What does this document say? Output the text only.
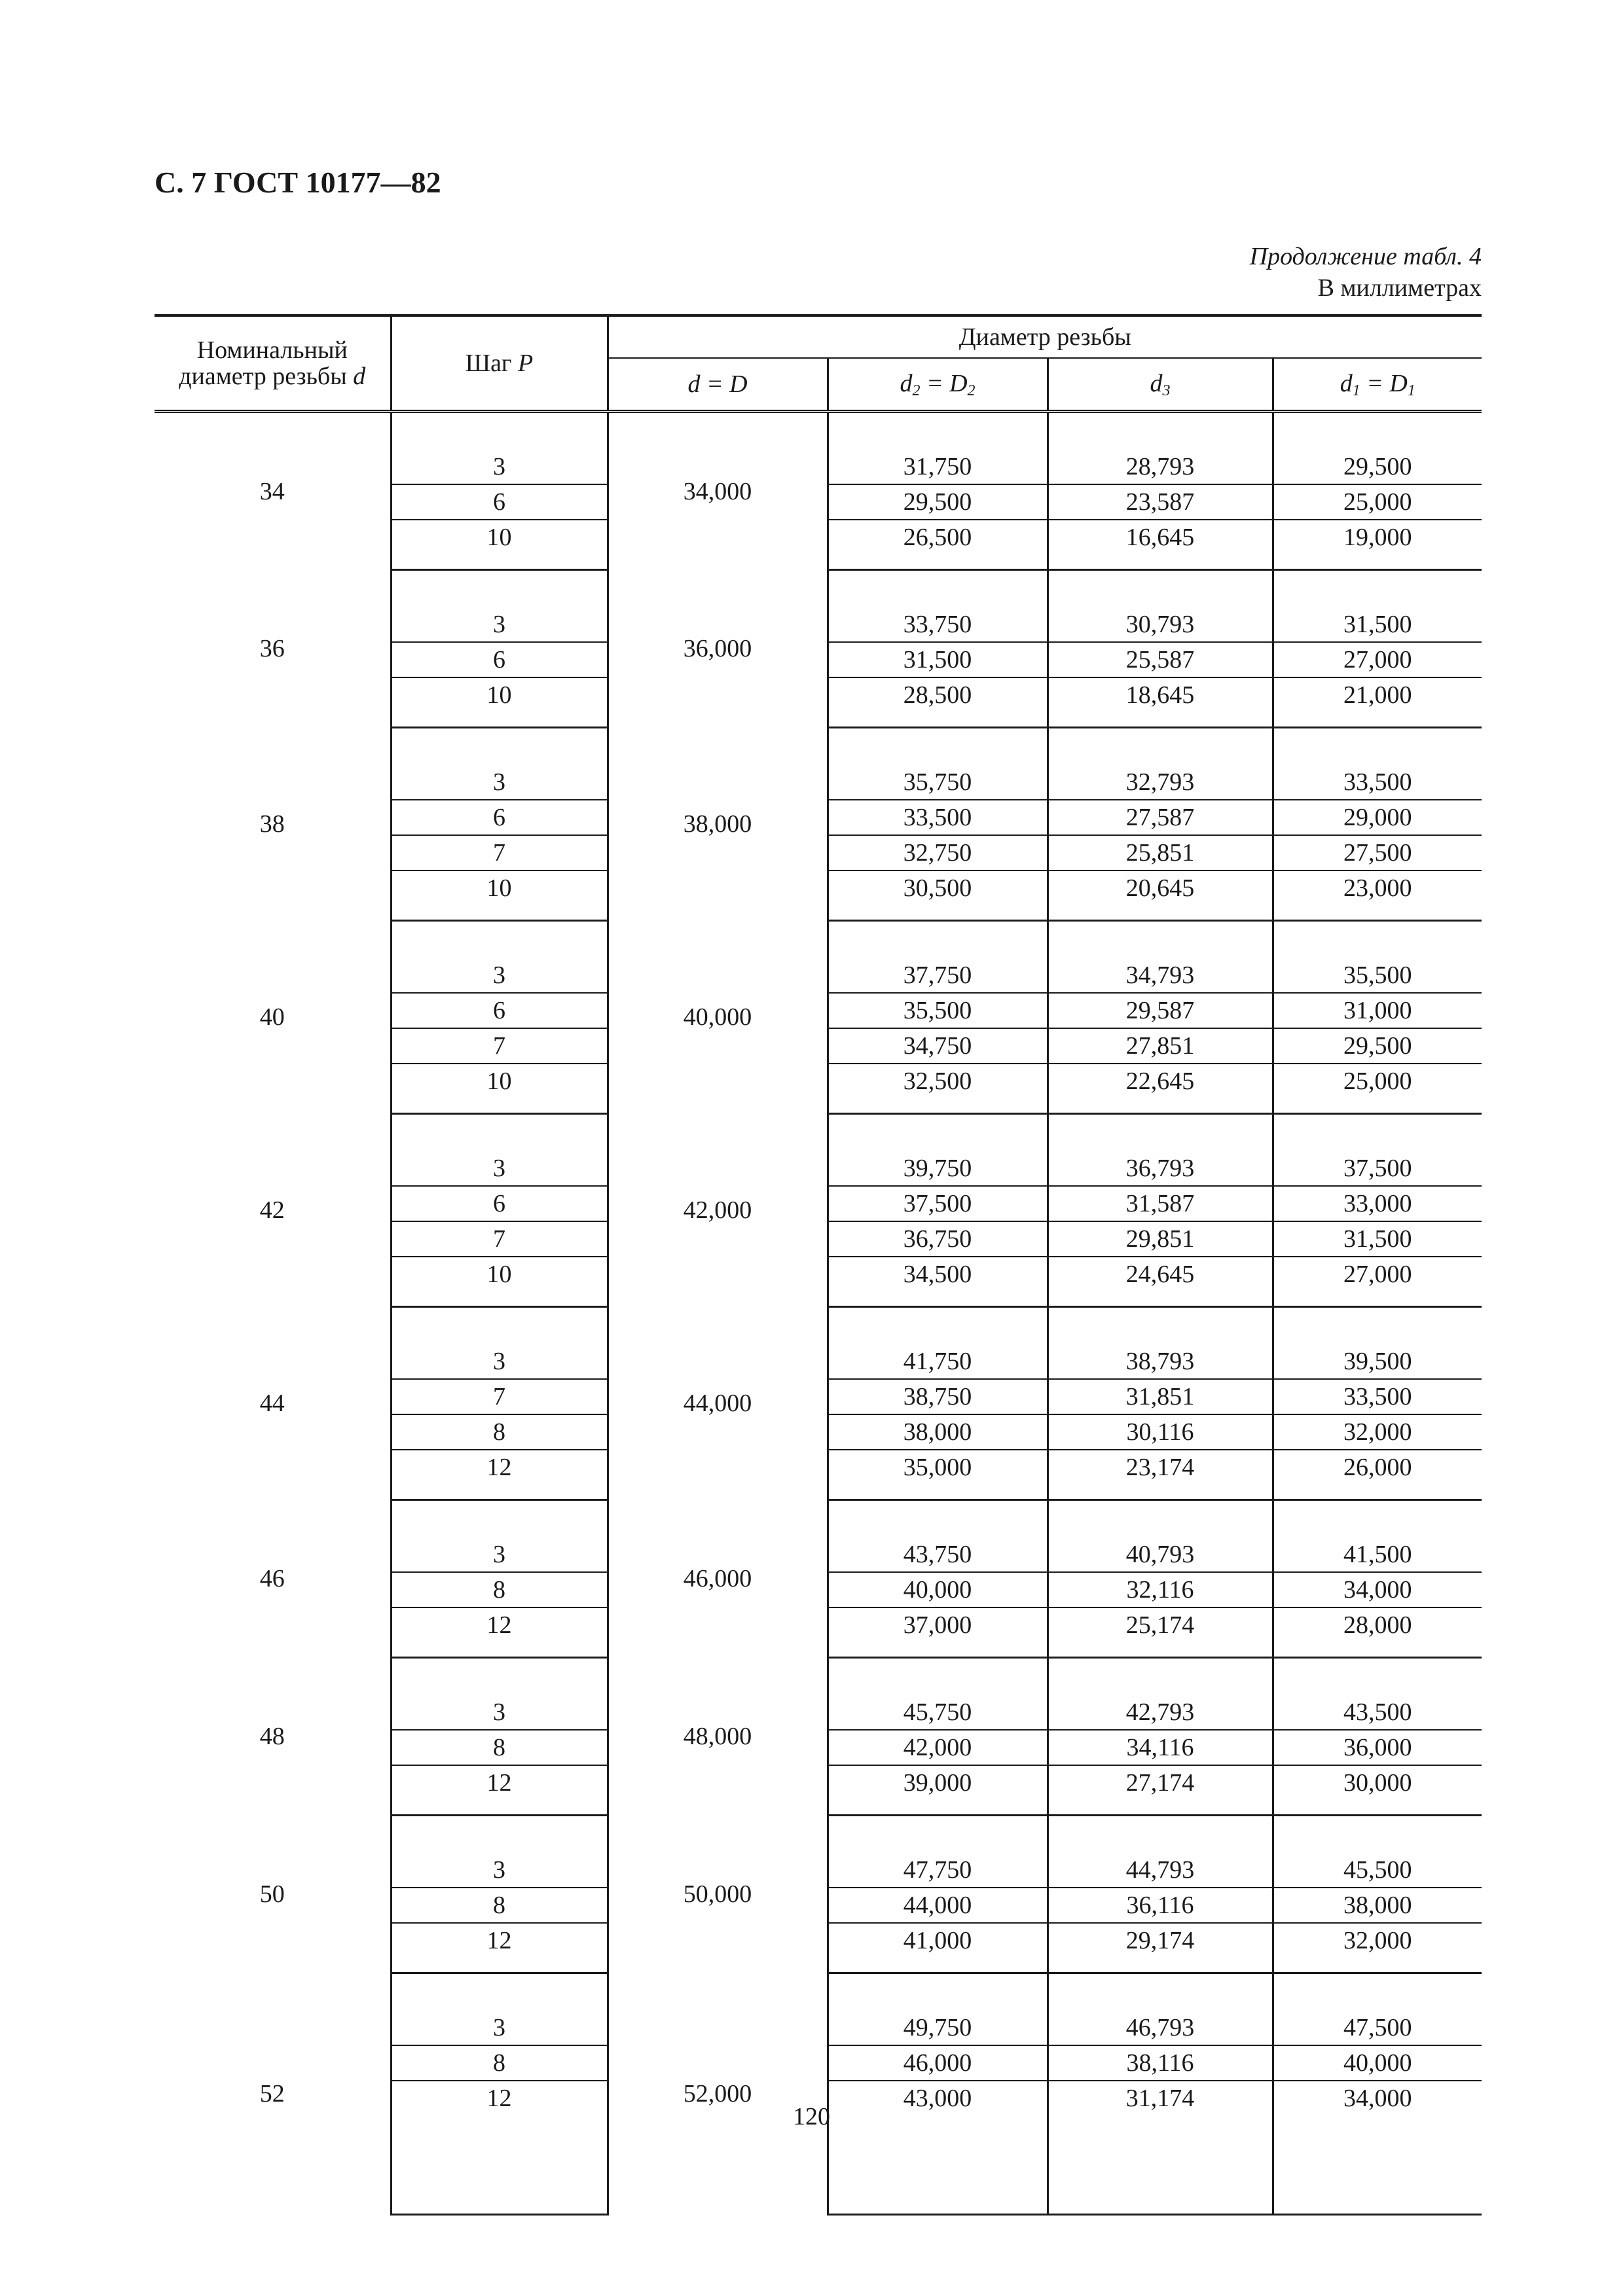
С. 7 ГОСТ 10177—82
Продолжение табл. 4
В миллиметрах
Номинальный
диаметр резьбы d	Шаг P	Диаметр резьбы			
		d = D	$d_2 = D_2$	$d_3$	$d_1 = D_1$
34		34,000			
	3		31,750	28,793	29,500
	6		29,500	23,587	25,000
	10		26,500	16,645	19,000

36		36,000			
	3		33,750	30,793	31,500
	6		31,500	25,587	27,000
	10		28,500	18,645	21,000

38		38,000			
	3		35,750	32,793	33,500
	6		33,500	27,587	29,000
	7		32,750	25,851	27,500
	10		30,500	20,645	23,000

40		40,000			
	3		37,750	34,793	35,500
	6		35,500	29,587	31,000
	7		34,750	27,851	29,500
	10		32,500	22,645	25,000

42		42,000			
	3		39,750	36,793	37,500
	6		37,500	31,587	33,000
	7		36,750	29,851	31,500
	10		34,500	24,645	27,000

44		44,000			
	3		41,750	38,793	39,500
	7		38,750	31,851	33,500
	8		38,000	30,116	32,000
	12		35,000	23,174	26,000

46		46,000			
	3		43,750	40,793	41,500
	8		40,000	32,116	34,000
	12		37,000	25,174	28,000

48		48,000			
	3		45,750	42,793	43,500
	8		42,000	34,116	36,000
	12		39,000	27,174	30,000

50		50,000			
	3		47,750	44,793	45,500
	8		44,000	36,116	38,000
	12		41,000	29,174	32,000

52		52,000			
	3		49,750	46,793	47,500
	8		46,000	38,116	40,000
	12		43,000	31,174	34,000

120
